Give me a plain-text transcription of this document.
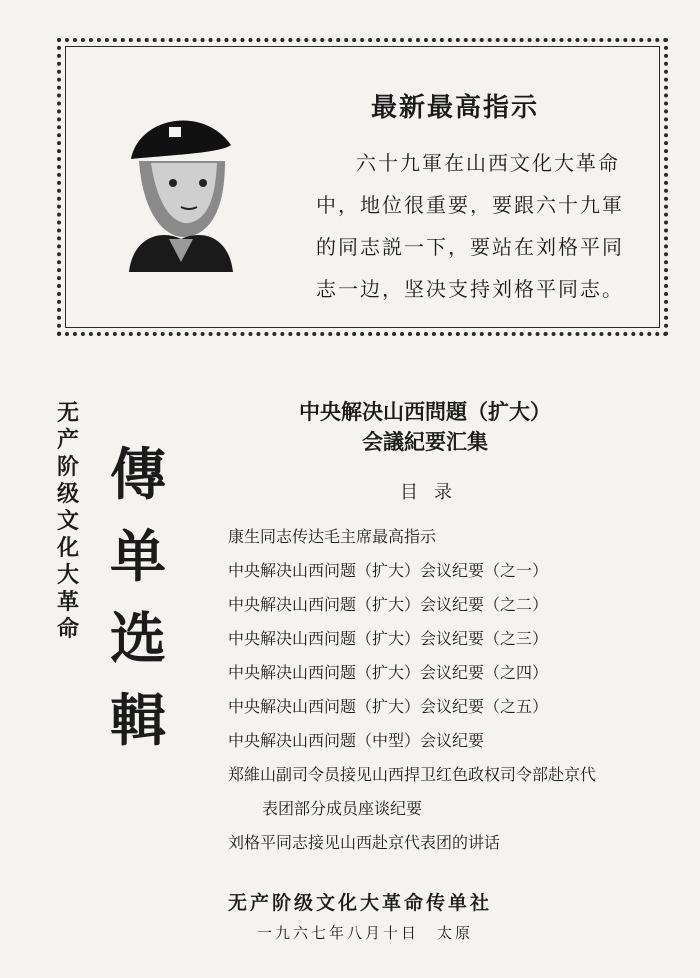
最新最高指示
六十九軍在山西文化大革命
中，地位很重要，要跟六十九軍
的同志説一下，要站在刘格平同
志一边，坚决支持刘格平同志。
无产阶级文化大革命
傳单选輯
中央解决山西問題（扩大）
会議紀要汇集
目录
康生同志传达毛主席最高指示
中央解决山西问题（扩大）会议纪要（之一）
中央解决山西问题（扩大）会议纪要（之二）
中央解决山西问题（扩大）会议纪要（之三）
中央解决山西问题（扩大）会议纪要（之四）
中央解决山西问题（扩大）会议纪要（之五）
中央解决山西问题（中型）会议纪要
郑維山副司令员接见山西捍卫红色政权司令部赴京代
表团部分成员座谈纪要
刘格平同志接见山西赴京代表团的讲话
无产阶级文化大革命传单社
一九六七年八月十日　太原
